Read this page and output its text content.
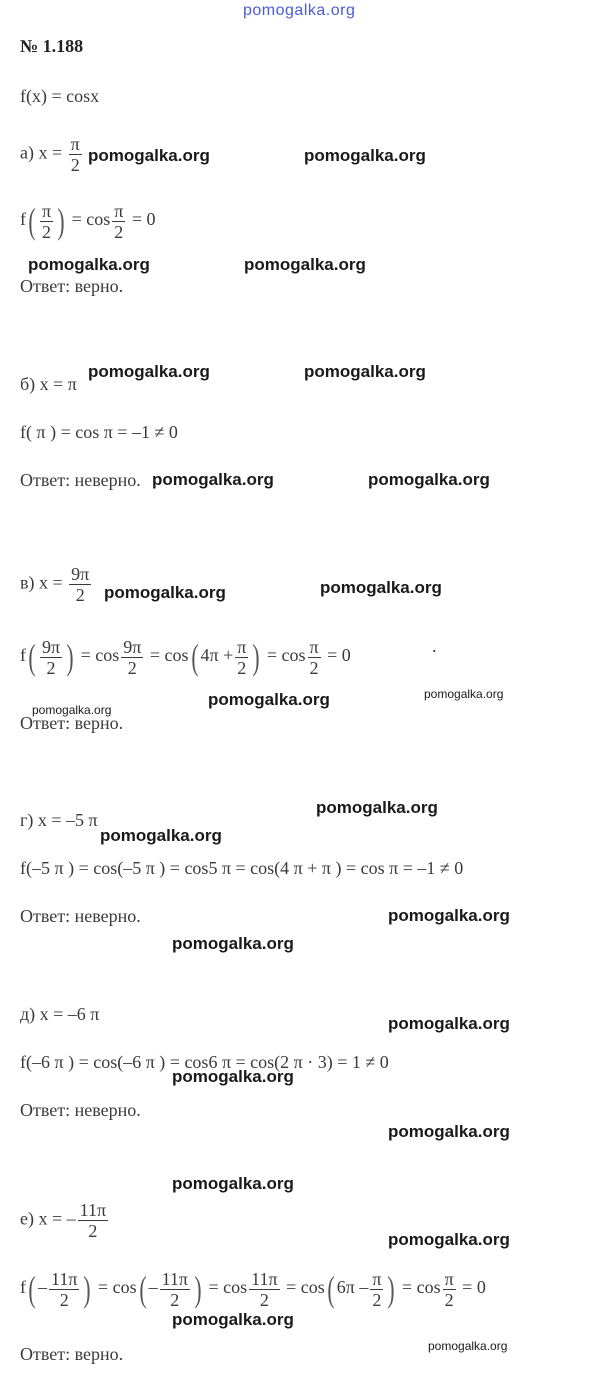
pomogalka.org
№ 1.188
f(x) = cosx
а) $x = \frac{\pi}{2}$ pomogalka.org	pomogalka.org
$f( \frac{\pi}{2}$ ) = $\cos \frac{\pi}{2} = 0$
pomogalka.org	pomogalka.org
Ответ: верно.
б) x = π
pomogalka.org	pomogalka.org
f( π ) = cos π = –1 ≠ 0
Ответ: неверно. pomogalka.org	pomogalka.org
в) $x = \frac{9\pi}{2}$ pomogalka.org	pomogalka.org
$f( \frac{9\pi}{2}$ ) = $\cos \frac{9\pi}{2} = \cos$( $4\pi + \frac{\pi}{2}$ ) = $\cos \frac{\pi}{2} = 0$	.
pomogalka.org	pomogalka.org
pomogalka.org
Ответ: верно.
pomogalka.org
г) x = –5 π
pomogalka.org
f(–5 π ) = cos(–5 π ) = cos5 π = cos(4 π + π ) = cos π = –1 ≠ 0
Ответ: неверно.	pomogalka.org
pomogalka.org
д) x = –6 π	pomogalka.org
f(–6 π ) = cos(–6 π ) = cos6 π = cos(2 π · 3) = 1 ≠ 0
pomogalka.org
Ответ: неверно.
pomogalka.org
pomogalka.org
е) x = – $\frac{11\pi}{2}$	pomogalka.org
$f( - \frac{11\pi}{2}$ ) = $\cos( - \frac{11\pi}{2}$ ) = $\cos \frac{11\pi}{2} = \cos$( $6\pi - \frac{\pi}{2}$ ) = $\cos \frac{\pi}{2} = 0$
pomogalka.org
pomogalka.org
Ответ: верно.
